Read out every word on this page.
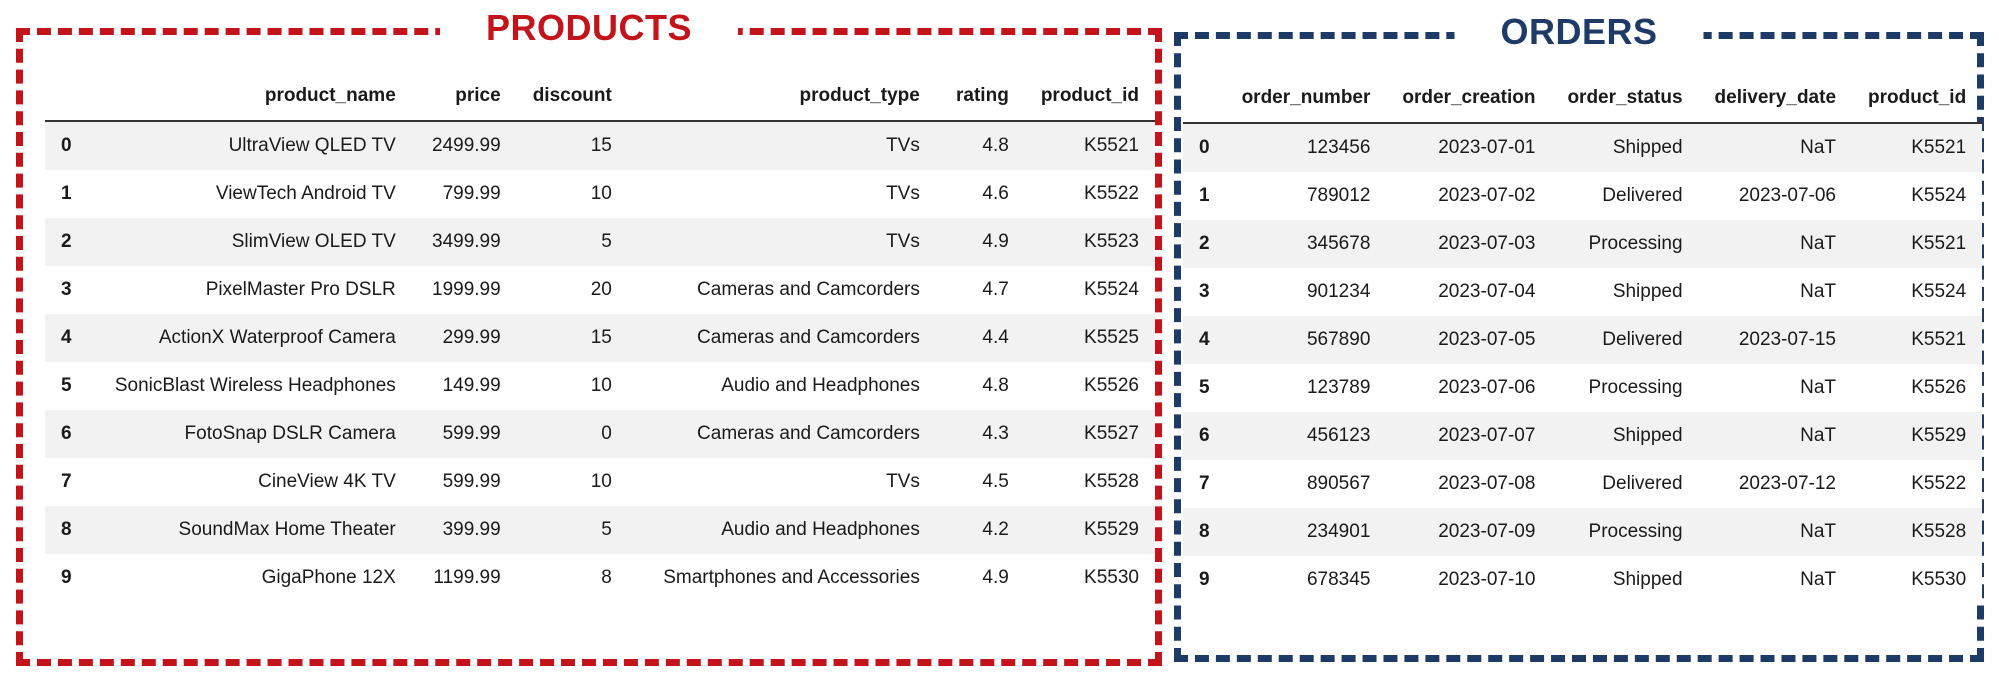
PRODUCTS
	product_name	price	discount	product_type	rating	product_id
0	UltraView QLED TV	2499.99	15	TVs	4.8	K5521
1	ViewTech Android TV	799.99	10	TVs	4.6	K5522
2	SlimView OLED TV	3499.99	5	TVs	4.9	K5523
3	PixelMaster Pro DSLR	1999.99	20	Cameras and Camcorders	4.7	K5524
4	ActionX Waterproof Camera	299.99	15	Cameras and Camcorders	4.4	K5525
5	SonicBlast Wireless Headphones	149.99	10	Audio and Headphones	4.8	K5526
6	FotoSnap DSLR Camera	599.99	0	Cameras and Camcorders	4.3	K5527
7	CineView 4K TV	599.99	10	TVs	4.5	K5528
8	SoundMax Home Theater	399.99	5	Audio and Headphones	4.2	K5529
9	GigaPhone 12X	1199.99	8	Smartphones and Accessories	4.9	K5530
ORDERS
	order_number	order_creation	order_status	delivery_date	product_id
0	123456	2023-07-01	Shipped	NaT	K5521
1	789012	2023-07-02	Delivered	2023-07-06	K5524
2	345678	2023-07-03	Processing	NaT	K5521
3	901234	2023-07-04	Shipped	NaT	K5524
4	567890	2023-07-05	Delivered	2023-07-15	K5521
5	123789	2023-07-06	Processing	NaT	K5526
6	456123	2023-07-07	Shipped	NaT	K5529
7	890567	2023-07-08	Delivered	2023-07-12	K5522
8	234901	2023-07-09	Processing	NaT	K5528
9	678345	2023-07-10	Shipped	NaT	K5530
